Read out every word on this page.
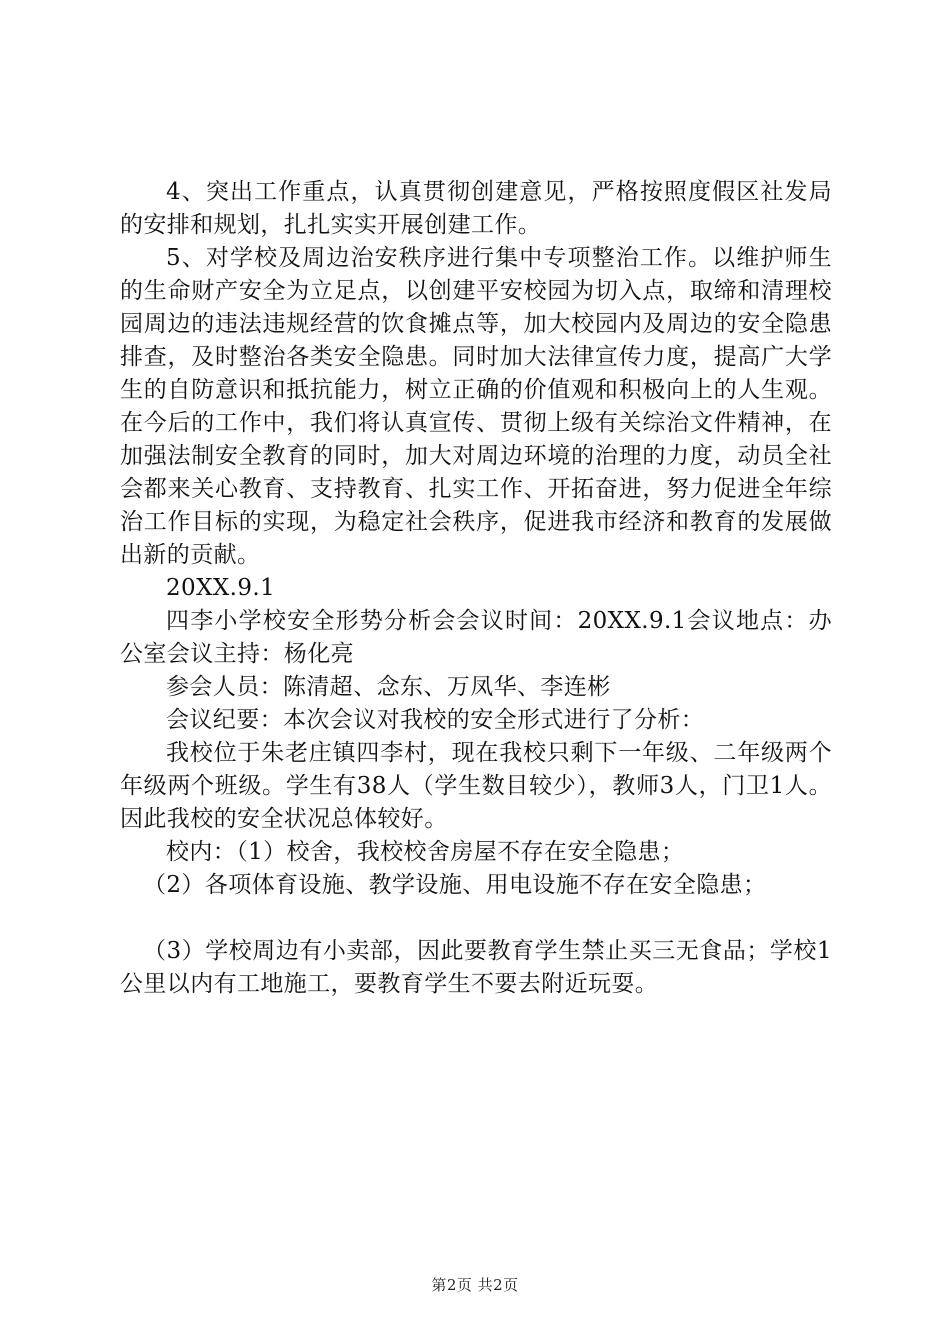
4、突出工作重点，认真贯彻创建意见，严格按照度假区社发局的安排和规划，扎扎实实开展创建工作。

5、对学校及周边治安秩序进行集中专项整治工作。以维护师生的生命财产安全为立足点，以创建平安校园为切入点，取缔和清理校园周边的违法违规经营的饮食摊点等，加大校园内及周边的安全隐患排查，及时整治各类安全隐患。同时加大法律宣传力度，提高广大学生的自防意识和抵抗能力，树立正确的价值观和积极向上的人生观。在今后的工作中，我们将认真宣传、贯彻上级有关综治文件精神，在加强法制安全教育的同时，加大对周边环境的治理的力度，动员全社会都来关心教育、支持教育、扎实工作、开拓奋进，努力促进全年综治工作目标的实现，为稳定社会秩序，促进我市经济和教育的发展做出新的贡献。

20XX.9.1

四李小学校安全形势分析会会议时间：20XX.9.1会议地点：办公室会议主持：杨化亮

参会人员：陈清超、念东、万凤华、李连彬

会议纪要：本次会议对我校的安全形式进行了分析：

我校位于朱老庄镇四李村，现在我校只剩下一年级、二年级两个年级两个班级。学生有38人（学生数目较少），教师3人，门卫1人。因此我校的安全状况总体较好。

校内：（1）校舍，我校校舍房屋不存在安全隐患；

（2）各项体育设施、教学设施、用电设施不存在安全隐患；

（3）学校周边有小卖部，因此要教育学生禁止买三无食品；学校1公里以内有工地施工，要教育学生不要去附近玩耍。

第2页 共2页
